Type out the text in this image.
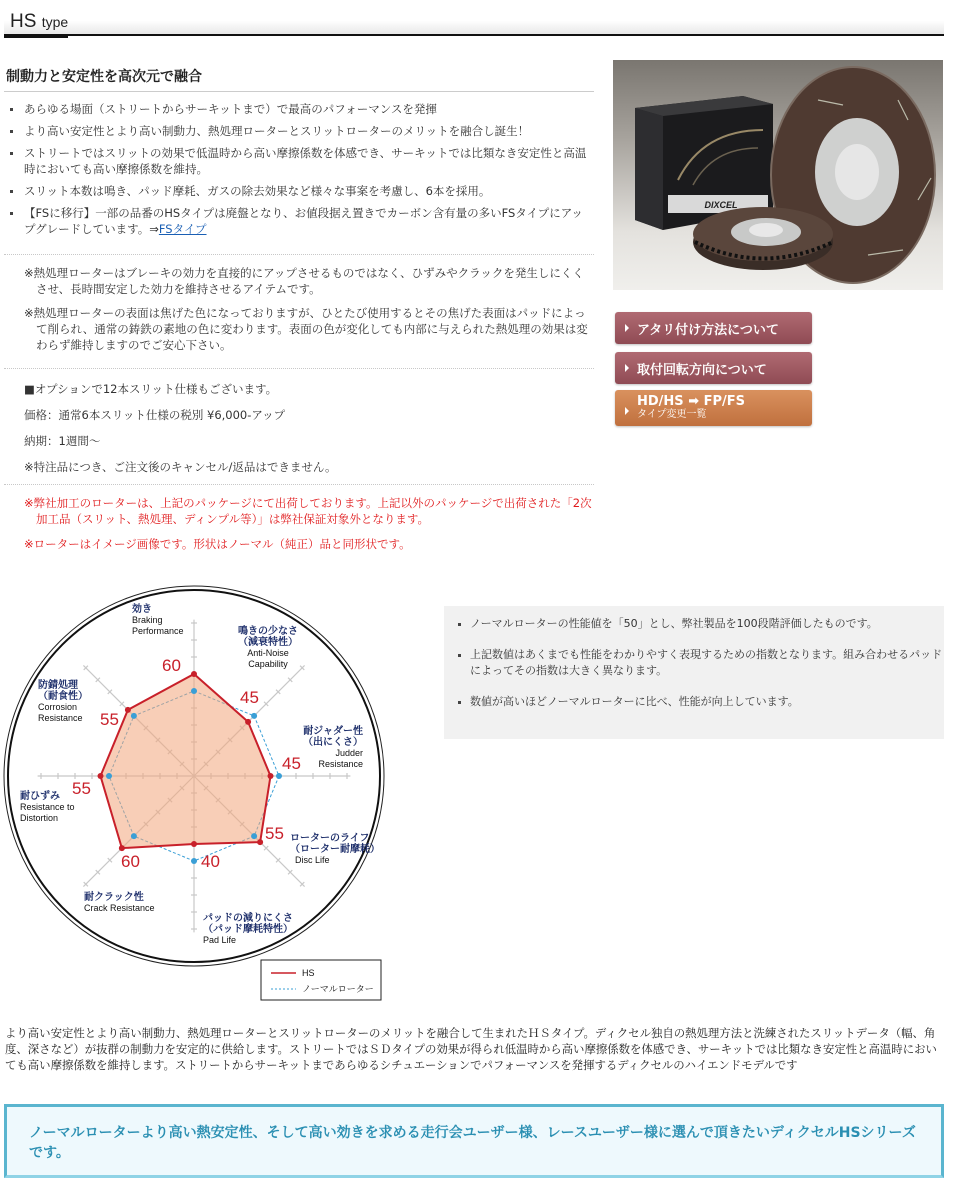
HS type
制動力と安定性を高次元で融合
あらゆる場面（ストリートからサーキットまで）で最高のパフォーマンスを発揮
より高い安定性とより高い制動力、熱処理ローターとスリットローターのメリットを融合し誕生！
ストリートではスリットの効果で低温時から高い摩擦係数を体感でき、サーキットでは比類なき安定性と高温時においても高い摩擦係数を維持。
スリット本数は鳴き、パッド摩耗、ガスの除去効果など様々な事案を考慮し、6本を採用。
【FSに移行】一部の品番のHSタイプは廃盤となり、お値段据え置きでカーボン含有量の多いFSタイプにアップグレードしています。⇒FSタイプ

※熱処理ローターはブレーキの効力を直接的にアップさせるものではなく、ひずみやクラックを発生しにくくさせ、長時間安定した効力を維持させるアイテムです。

※熱処理ローターの表面は焦げた色になっておりますが、ひとたび使用するとその焦げた表面はパッドによって削られ、通常の鋳鉄の素地の色に変わります。表面の色が変化しても内部に与えられた熱処理の効果は変わらず維持しますのでご安心下さい。

■オプションで12本スリット仕様もございます。
価格：通常6本スリット仕様の税別 ¥6,000-アップ
納期：1週間～
※特注品につき、ご注文後のキャンセル/返品はできません。

※弊社加工のローターは、上記のパッケージにて出荷しております。上記以外のパッケージで出荷された「2次加工品（スリット、熱処理、ディンプル等）」は弊社保証対象外となります。

※ローターはイメージ画像です。形状はノーマル（純正）品と同形状です。

DIXCEL
アタリ付け方法について
取付回転方向について
HD/HS ➡ FP/FS
タイプ変更一覧
HS
ノーマルローター
効き
Braking
Performance	鳴きの少なさ
（減衰特性）
Anti-Noise
Capability
耐ジャダー性
（出にくさ）
Judder
Resistance
ローターのライフ
（ローター耐摩耗）
Disc Life
パッドの減りにくさ
（パッド摩耗特性）
Pad Life
耐クラック性
Crack Resistance
耐ひずみ
Resistance to
Distortion
防錆処理
（耐食性）
Corrosion
Resistance
60
45
45
55
40
60
55
55
ノーマルローターの性能値を「50」とし、弊社製品を100段階評価したものです。
上記数値はあくまでも性能をわかりやすく表現するための指数となります。組み合わせるパッドによってその指数は大きく異なります。
数値が高いほどノーマルローターに比べ、性能が向上しています。

より高い安定性とより高い制動力、熱処理ローターとスリットローターのメリットを融合して生まれたＨＳタイプ。ディクセル独自の熱処理方法と洗練されたスリットデータ（幅、角度、深さなど）が抜群の制動力を安定的に供給します。ストリートではＳＤタイプの効果が得られ低温時から高い摩擦係数を体感でき、サーキットでは比類なき安定性と高温時においても高い摩擦係数を維持します。ストリートからサーキットまであらゆるシチュエーションでパフォーマンスを発揮するディクセルのハイエンドモデルです

ノーマルローターより高い熱安定性、そして高い効きを求める走行会ユーザー様、レースユーザー様に選んで頂きたいディクセルHSシリーズです。
